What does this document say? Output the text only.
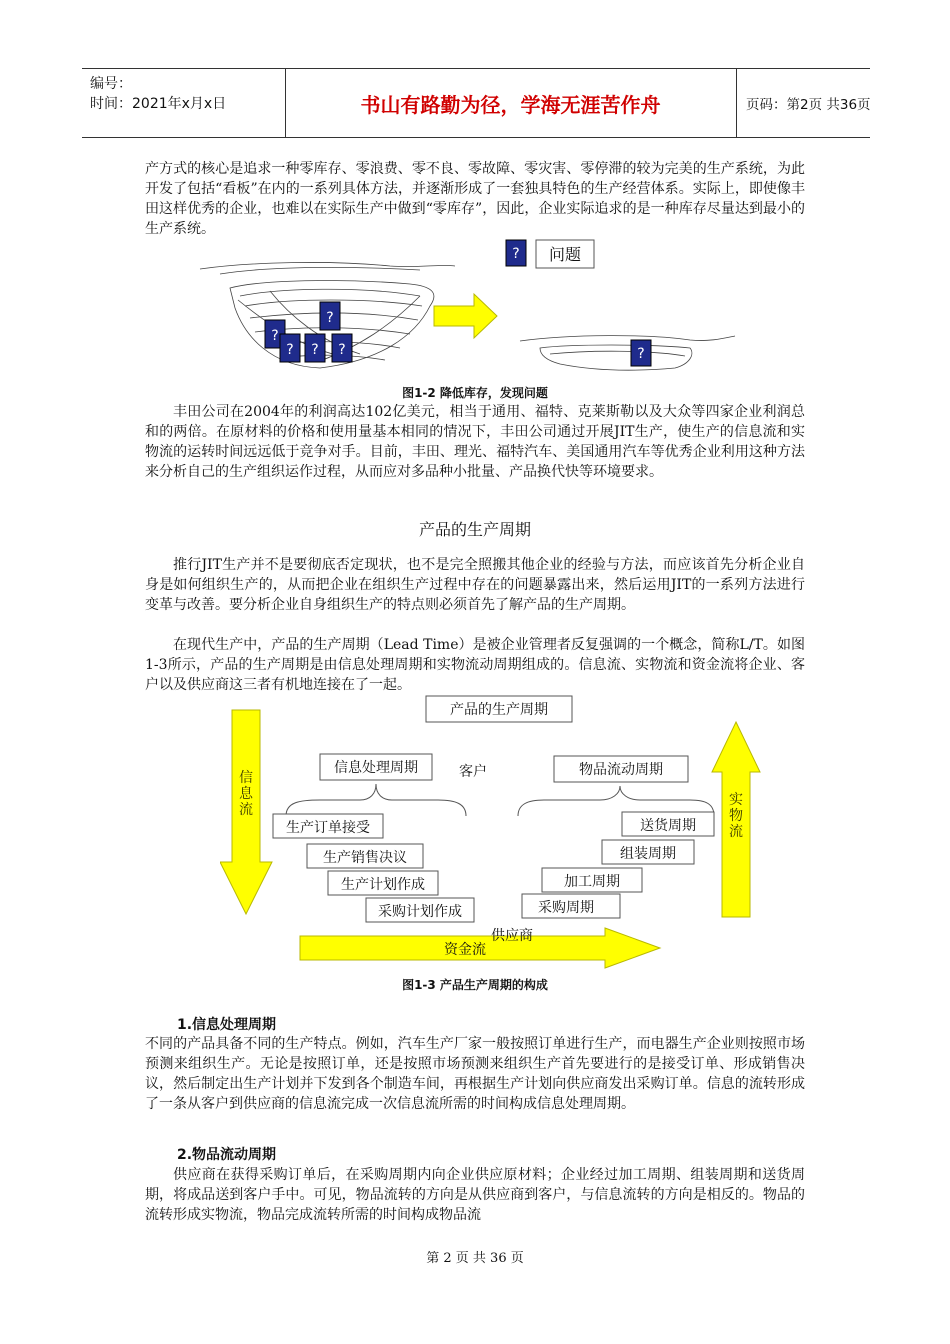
编号：
时间：2021年x月x日	书山有路勤为径，学海无涯苦作舟	页码：第2页 共36页
产方式的核心是追求一种零库存、零浪费、零不良、零故障、零灾害、零停滞的较为完美的生产系统，为此开发了包括“看板”在内的一系列具体方法，并逐渐形成了一套独具特色的生产经营体系。实际上，即使像丰田这样优秀的企业，也难以在实际生产中做到“零库存”，因此，企业实际追求的是一种库存尽量达到最小的生产系统。
?
?
? ? ?
? 问题
?
图1-2 降低库存，发现问题
丰田公司在2004年的利润高达102亿美元，相当于通用、福特、克莱斯勒以及大众等四家企业利润总和的两倍。在原材料的价格和使用量基本相同的情况下，丰田公司通过开展JIT生产，使生产的信息流和实物流的运转时间远远低于竞争对手。目前，丰田、理光、福特汽车、美国通用汽车等优秀企业利用这种方法来分析自己的生产组织运作过程，从而应对多品种小批量、产品换代快等环境要求。
产品的生产周期
推行JIT生产并不是要彻底否定现状，也不是完全照搬其他企业的经验与方法，而应该首先分析企业自身是如何组织生产的，从而把企业在组织生产过程中存在的问题暴露出来，然后运用JIT的一系列方法进行变革与改善。要分析企业自身组织生产的特点则必须首先了解产品的生产周期。
在现代生产中，产品的生产周期（Lead Time）是被企业管理者反复强调的一个概念，简称L/T。如图1-3所示，产品的生产周期是由信息处理周期和实物流动周期组成的。信息流、实物流和资金流将企业、客户以及供应商这三者有机地连接在了一起。
信
息
流
实
物
流
资金流
产品的生产周期
信息处理周期	客户	物品流动周期
生产订单接受
生产销售决议
生产计划作成
采购计划作成
送货周期
组装周期
加工周期
采购周期
供应商
图1-3 产品生产周期的构成
1.信息处理周期
不同的产品具备不同的生产特点。例如，汽车生产厂家一般按照订单进行生产，而电器生产企业则按照市场预测来组织生产。无论是按照订单，还是按照市场预测来组织生产首先要进行的是接受订单、形成销售决议，然后制定出生产计划并下发到各个制造车间，再根据生产计划向供应商发出采购订单。信息的流转形成了一条从客户到供应商的信息流完成一次信息流所需的时间构成信息处理周期。
2.物品流动周期
供应商在获得采购订单后，在采购周期内向企业供应原材料；企业经过加工周期、组装周期和送货周期，将成品送到客户手中。可见，物品流转的方向是从供应商到客户，与信息流转的方向是相反的。物品的流转形成实物流，物品完成流转所需的时间构成物品流
第 2 页 共 36 页
